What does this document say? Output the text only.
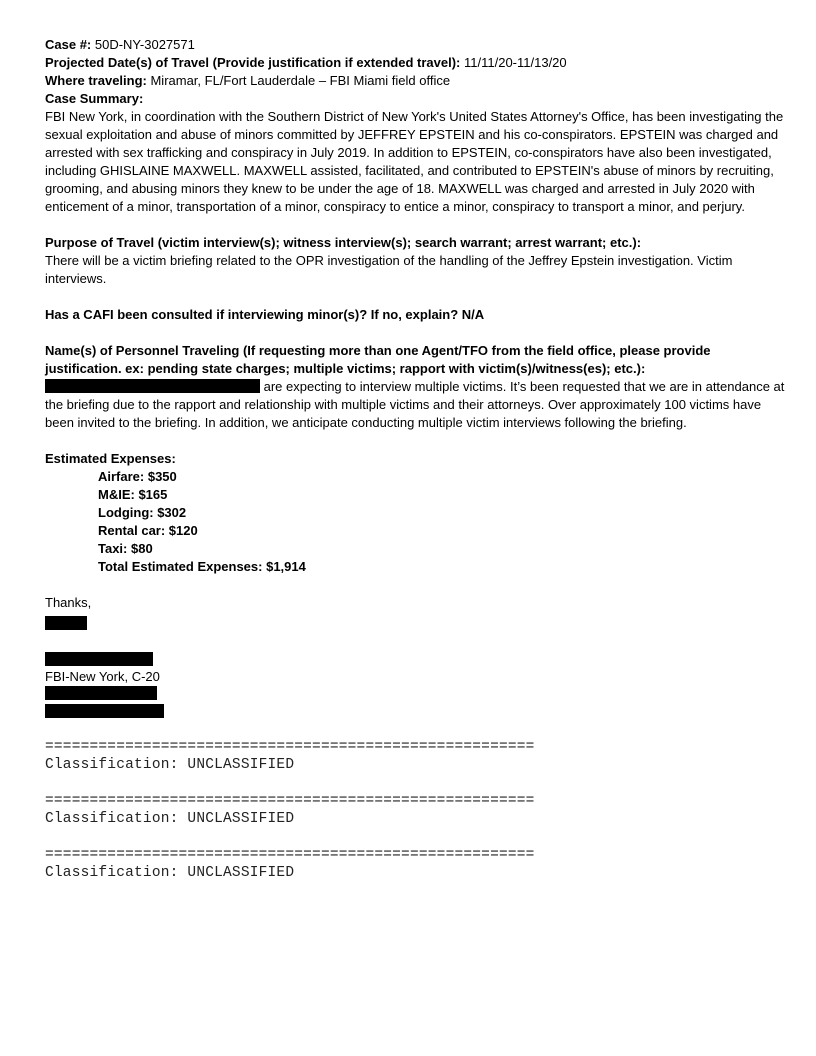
Case #: 50D-NY-3027571

Projected Date(s) of Travel (Provide justification if extended travel): 11/11/20-11/13/20

Where traveling: Miramar, FL/Fort Lauderdale – FBI Miami field office

Case Summary:

FBI New York, in coordination with the Southern District of New York's United States Attorney's Office, has been investigating the sexual exploitation and abuse of minors committed by JEFFREY EPSTEIN and his co-conspirators. EPSTEIN was charged and arrested with sex trafficking and conspiracy in July 2019. In addition to EPSTEIN, co-conspirators have also been investigated, including GHISLAINE MAXWELL. MAXWELL assisted, facilitated, and contributed to EPSTEIN's abuse of minors by recruiting, grooming, and abusing minors they knew to be under the age of 18. MAXWELL was charged and arrested in July 2020 with enticement of a minor, transportation of a minor, conspiracy to entice a minor, conspiracy to transport a minor, and perjury.

Purpose of Travel (victim interview(s); witness interview(s); search warrant; arrest warrant; etc.):

There will be a victim briefing related to the OPR investigation of the handling of the Jeffrey Epstein investigation. Victim interviews.

Has a CAFI been consulted if interviewing minor(s)? If no, explain? N/A

Name(s) of Personnel Traveling (If requesting more than one Agent/TFO from the field office, please provide justification. ex: pending state charges; multiple victims; rapport with victim(s)/witness(es); etc.):

are expecting to interview multiple victims. It’s been requested that we are in attendance at the briefing due to the rapport and relationship with multiple victims and their attorneys. Over approximately 100 victims have been invited to the briefing. In addition, we anticipate conducting multiple victim interviews following the briefing.

Estimated Expenses:

Airfare: $350

M&IE: $165

Lodging: $302

Rental car: $120

Taxi: $80

Total Estimated Expenses: $1,914

Thanks,

FBI-New York, C-20

=======================================================
Classification: UNCLASSIFIED
=======================================================
Classification: UNCLASSIFIED
=======================================================
Classification: UNCLASSIFIED
